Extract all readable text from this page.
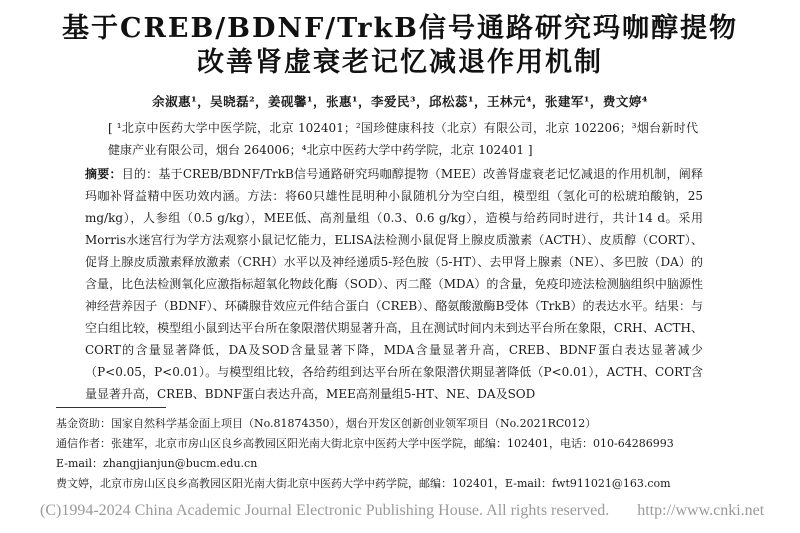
基于CREB/BDNF/TrkB信号通路研究玛咖醇提物
改善肾虚衰老记忆减退作用机制
余淑惠¹，吴晓磊²，姜砚馨¹，张惠¹，李爱民³，邱松蕊¹，王林元⁴，张建军¹，费文婷⁴
[ ¹北京中医药大学中医学院，北京 102401；²国珍健康科技（北京）有限公司，北京 102206；³烟台新时代健康产业有限公司，烟台 264006；⁴北京中医药大学中药学院，北京 102401 ]
摘要：目的：基于CREB/BDNF/TrkB信号通路研究玛咖醇提物（MEE）改善肾虚衰老记忆减退的作用机制，阐释玛咖补肾益精中医功效内涵。方法：将60只雄性昆明种小鼠随机分为空白组，模型组（氢化可的松琥珀酸钠，25 mg/kg），人参组（0.5 g/kg），MEE低、高剂量组（0.3、0.6 g/kg），造模与给药同时进行，共计14 d。采用Morris水迷宫行为学方法观察小鼠记忆能力，ELISA法检测小鼠促肾上腺皮质激素（ACTH）、皮质醇（CORT）、促肾上腺皮质激素释放激素（CRH）水平以及神经递质5-羟色胺（5-HT）、去甲肾上腺素（NE）、多巴胺（DA）的含量，比色法检测氧化应激指标超氧化物歧化酶（SOD）、丙二醛（MDA）的含量，免疫印迹法检测脑组织中脑源性神经营养因子（BDNF）、环磷腺苷效应元件结合蛋白（CREB）、酪氨酸激酶B受体（TrkB）的表达水平。结果：与空白组比较，模型组小鼠到达平台所在象限潜伏期显著升高，且在测试时间内未到达平台所在象限，CRH、ACTH、CORT的含量显著降低，DA及SOD含量显著下降，MDA含量显著升高，CREB、BDNF蛋白表达显著减少（P<0.05，P<0.01）。与模型组比较，各给药组到达平台所在象限潜伏期显著降低（P<0.01），ACTH、CORT含量显著升高，CREB、BDNF蛋白表达升高，MEE高剂量组5-HT、NE、DA及SOD
基金资助：国家自然科学基金面上项目（No.81874350），烟台开发区创新创业领军项目（No.2021RC012）
通信作者：张建军，北京市房山区良乡高教园区阳光南大街北京中医药大学中医学院，邮编：102401，电话：010-64286993
E-mail：zhangjianjun@bucm.edu.cn
费文婷，北京市房山区良乡高教园区阳光南大街北京中医药大学中药学院，邮编：102401，E-mail：fwt911021@163.com
(C)1994-2024 China Academic Journal Electronic Publishing House. All rights reserved. http://www.cnki.net
